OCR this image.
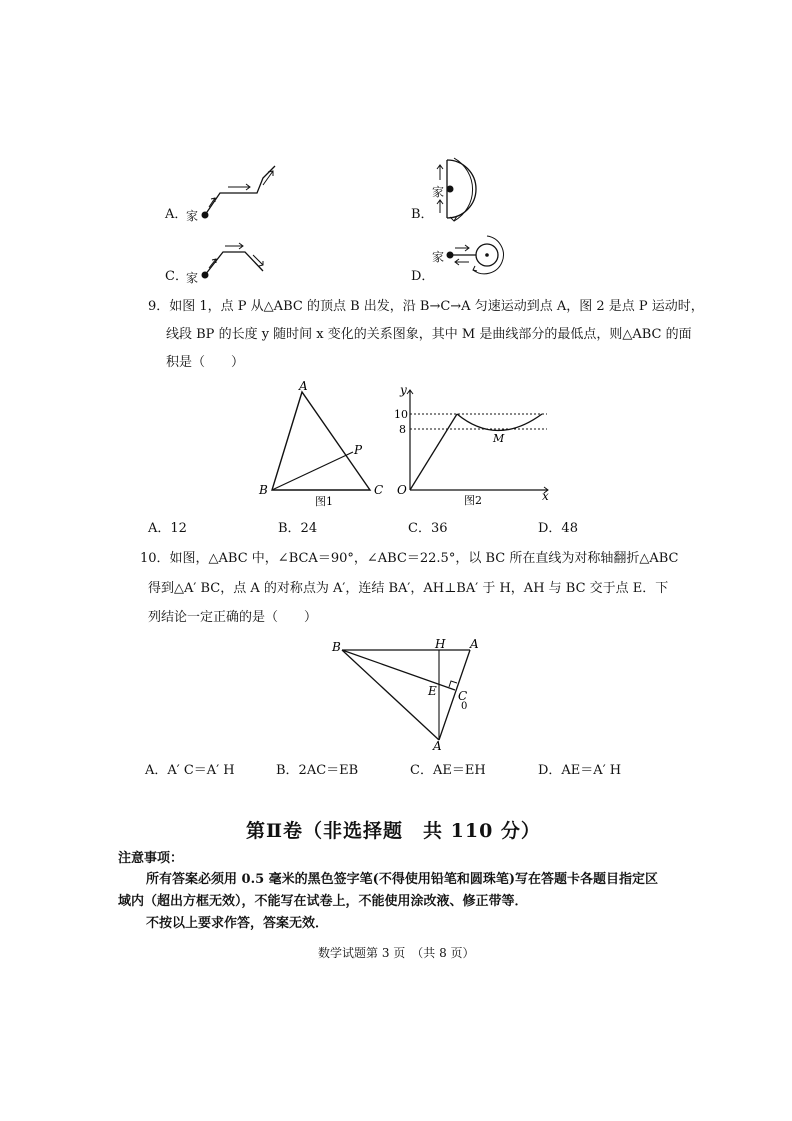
A．
家	B．
家
C．
家	D．
家
9．如图 1，点 P 从△ABC 的顶点 B 出发，沿 B→C→A 匀速运动到点 A，图 2 是点 P 运动时，
线段 BP 的长度 y 随时间 x 变化的关系图象，其中 M 是曲线部分的最低点，则△ABC 的面
积是（　　）
A
B	C
P
图1
y
x
O
10
8
M
图2
A．12	B．24	C．36	D．48
10．如图，△ABC 中，∠BCA＝90°，∠ABC＝22.5°，以 BC 所在直线为对称轴翻折△ABC
得到△A′ BC，点 A 的对称点为 A′，连结 BA′，AH⊥BA′ 于 H，AH 与 BC 交于点 E．下
列结论一定正确的是（　　）
B	H A
E C
0
A
A．A′ C＝A′ H	B．2AC＝EB	C．AE＝EH	D．AE＝A′ H
第Ⅱ卷（非选择题　共 110 分）
注意事项：
所有答案必须用 0.5 毫米的黑色签字笔(不得使用铅笔和圆珠笔)写在答题卡各题目指定区
域内（超出方框无效），不能写在试卷上，不能使用涂改液、修正带等．
不按以上要求作答，答案无效．
数学试题第 3 页　（共 8 页）
